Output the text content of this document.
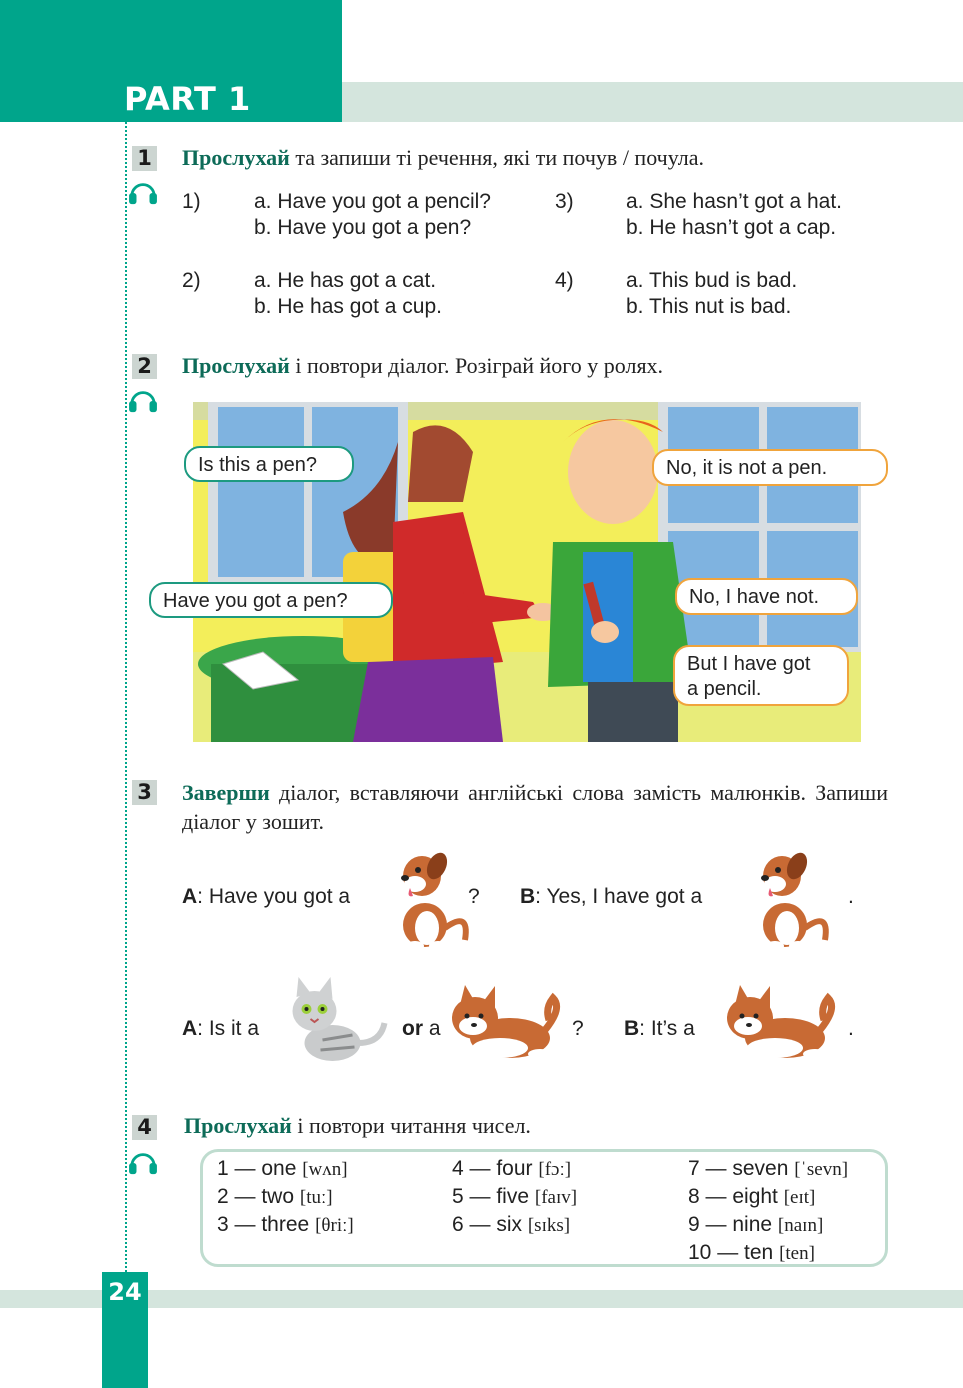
PART 1
24
1 Прослухай та запиши ті речення, які ти почув / почула.
1)	a. Have you got a pencil?
b. Have you got a pen?
2)	a. He has got a cat.
b. He has got a cup.
3) a. She hasn’t got a hat.
b. He hasn’t got a cap.
4) a. This bud is bad.
b. This nut is bad.
2 Прослухай і повтори діалог. Розіграй його у ролях.
Is this a pen?
Have you got a pen?
No, it is not a pen.
No, I have not.
But I have got
a pencil.
3 Заверши діалог, вставляючи англійські слова замість малюнків. Запиши діалог у зошит.
A: Have you got a	? B: Yes, I have got a	.
A: Is it a	or a	? B: It’s a	.
4 Прослухай і повтори читання чисел.
1 — one [wʌn]
2 — two [tuː]
3 — three [θriː]
4 — four [fɔː]
5 — five [faɪv]
6 — six [sɪks]
7 — seven [ˈsevn]
8 — eight [eɪt]
9 — nine [naɪn]
10 — ten [ten]
